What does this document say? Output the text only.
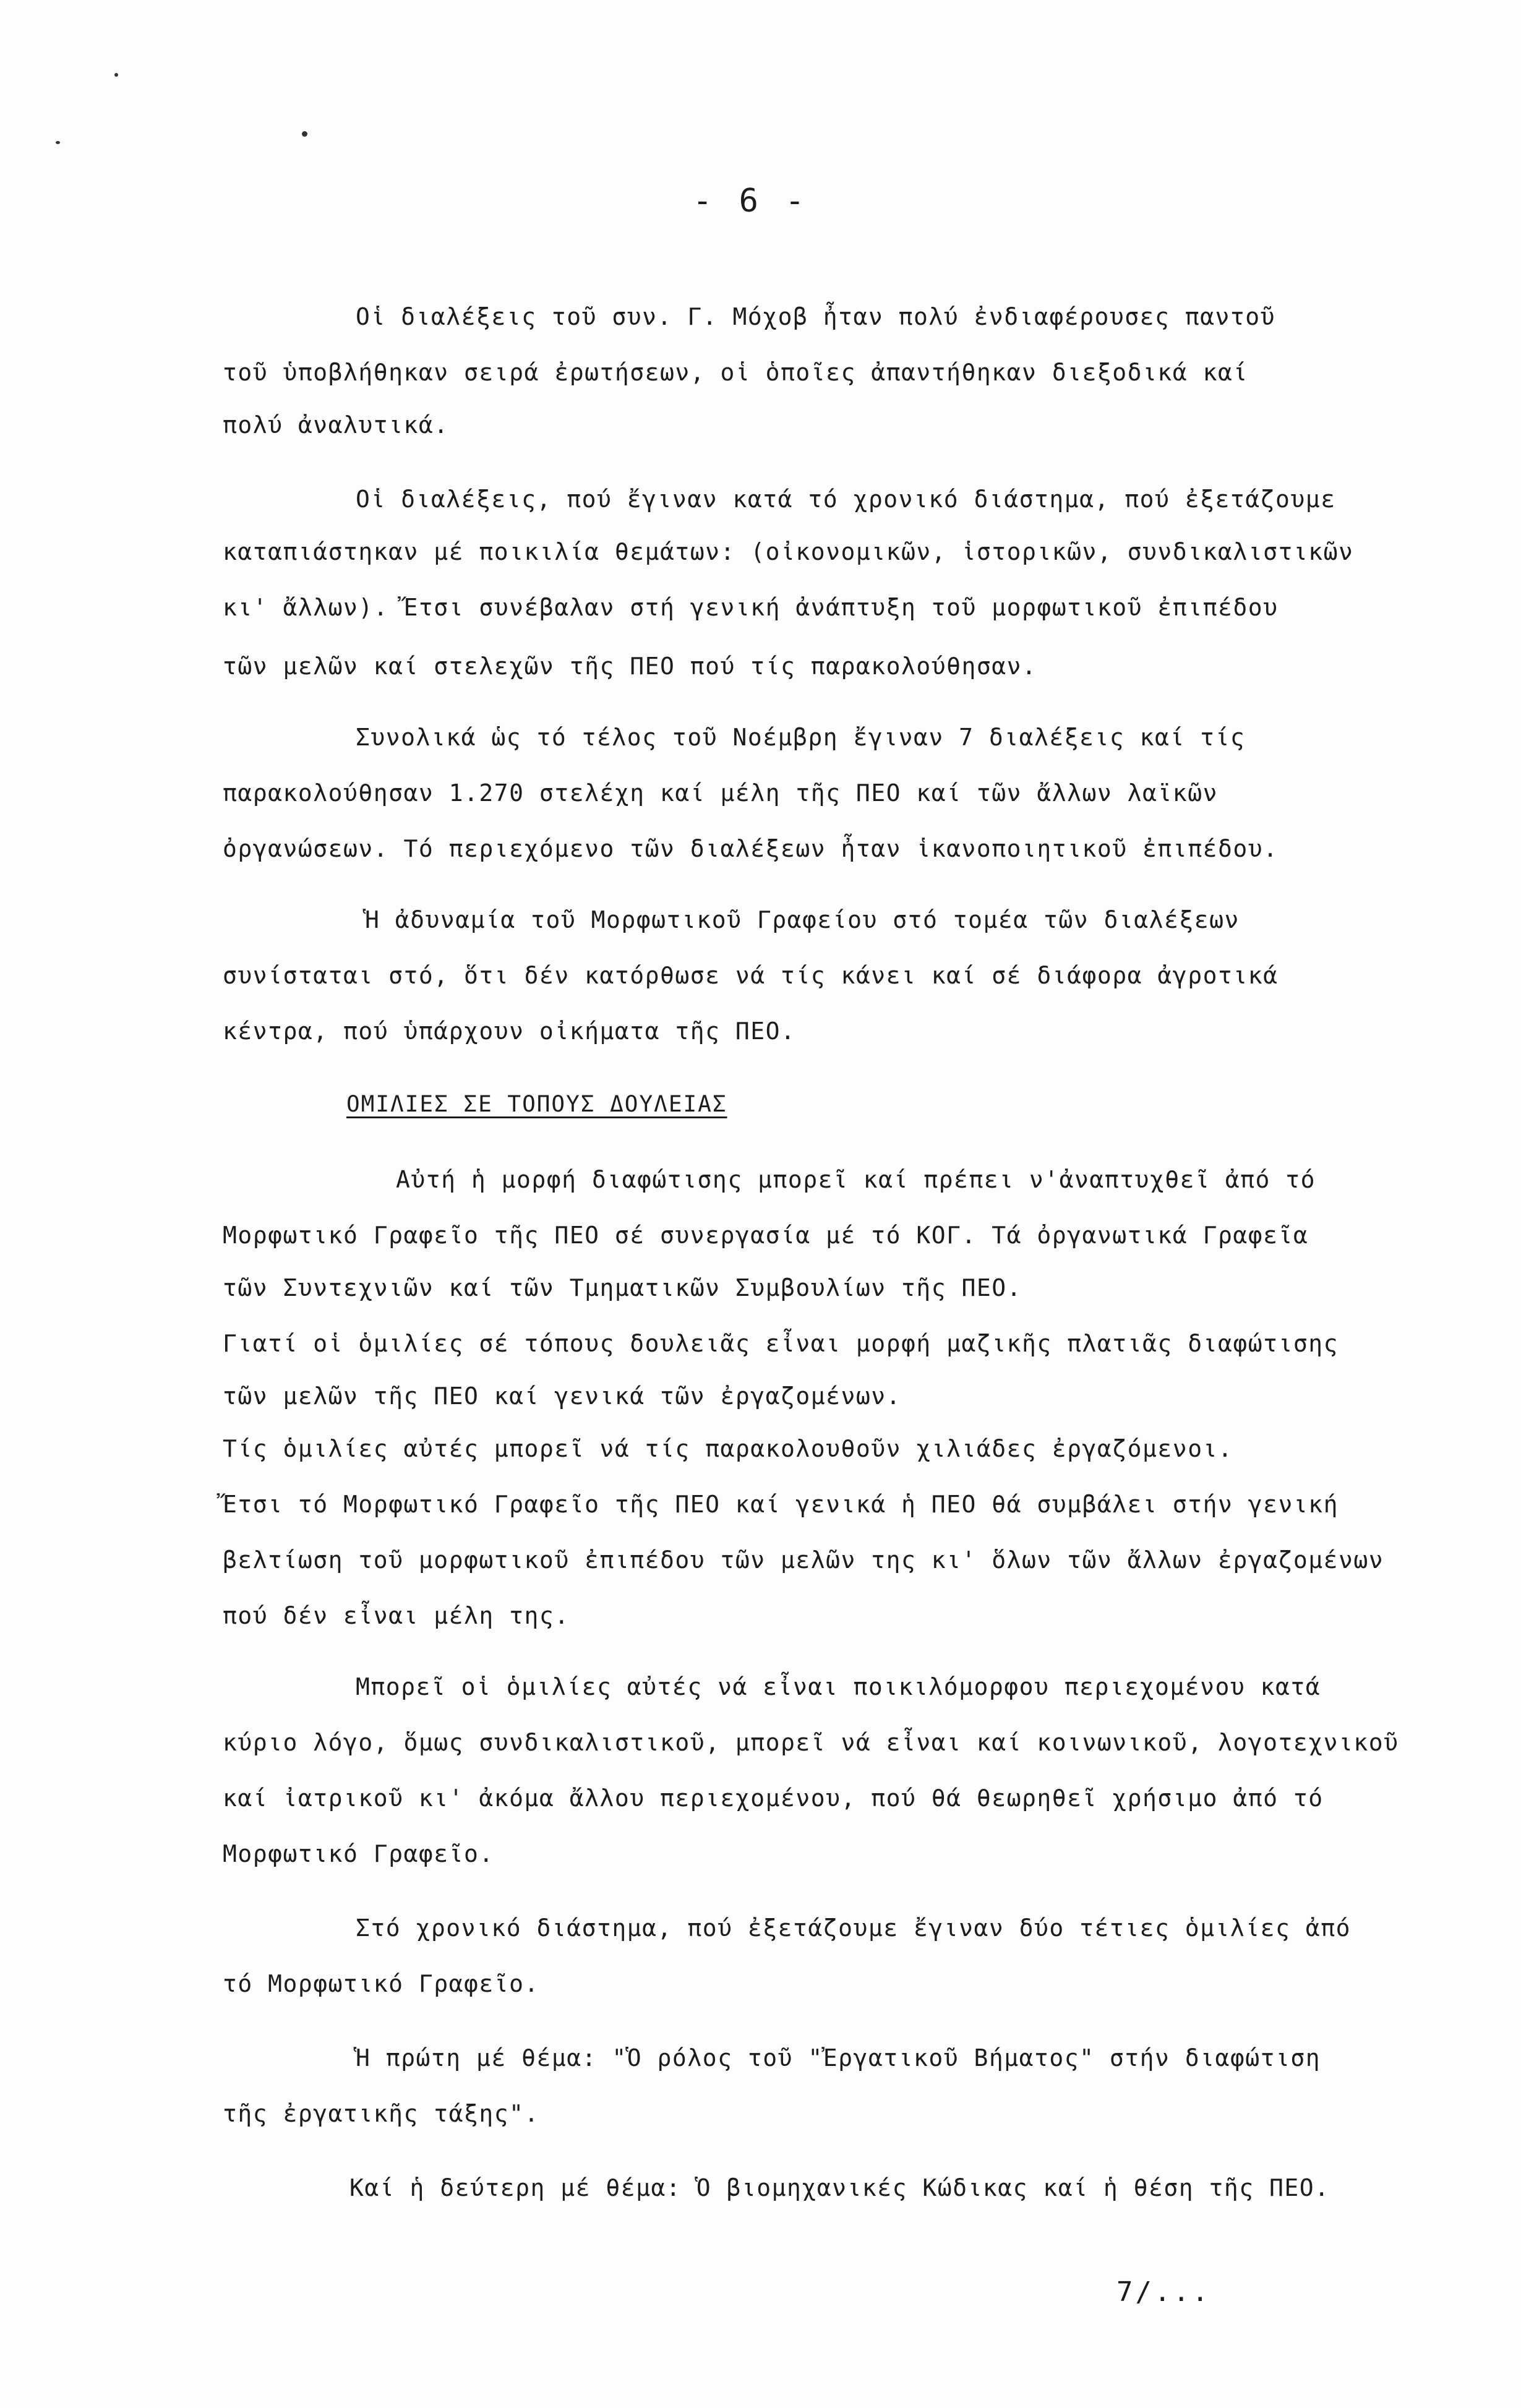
- 6 -
Οἱ διαλέξεις τοῦ συν. Γ. Μόχοβ ἦταν πολύ ἐνδιαφέρουσες παντοῦ
τοῦ ὑποβλήθηκαν σειρά ἐρωτήσεων, οἱ ὁποῖες ἀπαντήθηκαν διεξοδικά καί
πολύ ἀναλυτικά.
Οἱ διαλέξεις, πού ἔγιναν κατά τό χρονικό διάστημα, πού ἐξετάζουμε
καταπιάστηκαν μέ ποικιλία θεμάτων: (οἰκονομικῶν, ἱστορικῶν, συνδικαλιστικῶν
κι' ἄλλων). Ἔτσι συνέβαλαν στή γενική ἀνάπτυξη τοῦ μορφωτικοῦ ἐπιπέδου
τῶν μελῶν καί στελεχῶν τῆς ΠΕΟ πού τίς παρακολούθησαν.
Συνολικά ὡς τό τέλος τοῦ Νοέμβρη ἔγιναν 7 διαλέξεις καί τίς
παρακολούθησαν 1.270 στελέχη καί μέλη τῆς ΠΕΟ καί τῶν ἄλλων λαϊκῶν
ὀργανώσεων. Τό περιεχόμενο τῶν διαλέξεων ἦταν ἱκανοποιητικοῦ ἐπιπέδου.
Ἡ ἀδυναμία τοῦ Μορφωτικοῦ Γραφείου στό τομέα τῶν διαλέξεων
συνίσταται στό, ὅτι δέν κατόρθωσε νά τίς κάνει καί σέ διάφορα ἀγροτικά
κέντρα, πού ὑπάρχουν οἰκήματα τῆς ΠΕΟ.
ΟΜΙΛΙΕΣ ΣΕ ΤΟΠΟΥΣ ΔΟΥΛΕΙΑΣ
Αὐτή ἡ μορφή διαφώτισης μπορεῖ καί πρέπει ν'ἀναπτυχθεῖ ἀπό τό
Μορφωτικό Γραφεῖο τῆς ΠΕΟ σέ συνεργασία μέ τό ΚΟΓ. Τά ὀργανωτικά Γραφεῖα
τῶν Συντεχνιῶν καί τῶν Τμηματικῶν Συμβουλίων τῆς ΠΕΟ.
Γιατί οἱ ὁμιλίες σέ τόπους δουλειᾶς εἶναι μορφή μαζικῆς πλατιᾶς διαφώτισης
τῶν μελῶν τῆς ΠΕΟ καί γενικά τῶν ἐργαζομένων.
Τίς ὁμιλίες αὐτές μπορεῖ νά τίς παρακολουθοῦν χιλιάδες ἐργαζόμενοι.
Ἔτσι τό Μορφωτικό Γραφεῖο τῆς ΠΕΟ καί γενικά ἡ ΠΕΟ θά συμβάλει στήν γενική
βελτίωση τοῦ μορφωτικοῦ ἐπιπέδου τῶν μελῶν της κι' ὅλων τῶν ἄλλων ἐργαζομένων
πού δέν εἶναι μέλη της.
Μπορεῖ οἱ ὁμιλίες αὐτές νά εἶναι ποικιλόμορφου περιεχομένου κατά
κύριο λόγο, ὅμως συνδικαλιστικοῦ, μπορεῖ νά εἶναι καί κοινωνικοῦ, λογοτεχνικοῦ
καί ἰατρικοῦ κι' ἀκόμα ἄλλου περιεχομένου, πού θά θεωρηθεῖ χρήσιμο ἀπό τό
Μορφωτικό Γραφεῖο.
Στό χρονικό διάστημα, πού ἐξετάζουμε ἔγιναν δύο τέτιες ὁμιλίες ἀπό
τό Μορφωτικό Γραφεῖο.
Ἡ πρώτη μέ θέμα: "Ὁ ρόλος τοῦ "Ἐργατικοῦ Βήματος" στήν διαφώτιση
τῆς ἐργατικῆς τάξης".
Καί ἡ δεύτερη μέ θέμα: Ὁ βιομηχανικές Κώδικας καί ἡ θέση τῆς ΠΕΟ.
7/...
